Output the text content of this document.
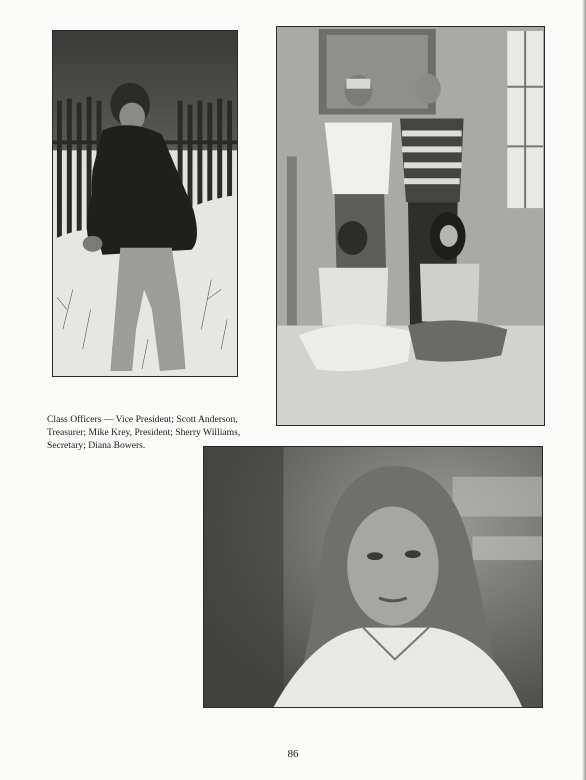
Class Officers — Vice President; Scott Anderson, Treasurer; Mike Krey, President; Sherry Williams, Secretary; Diana Bowers.

86
